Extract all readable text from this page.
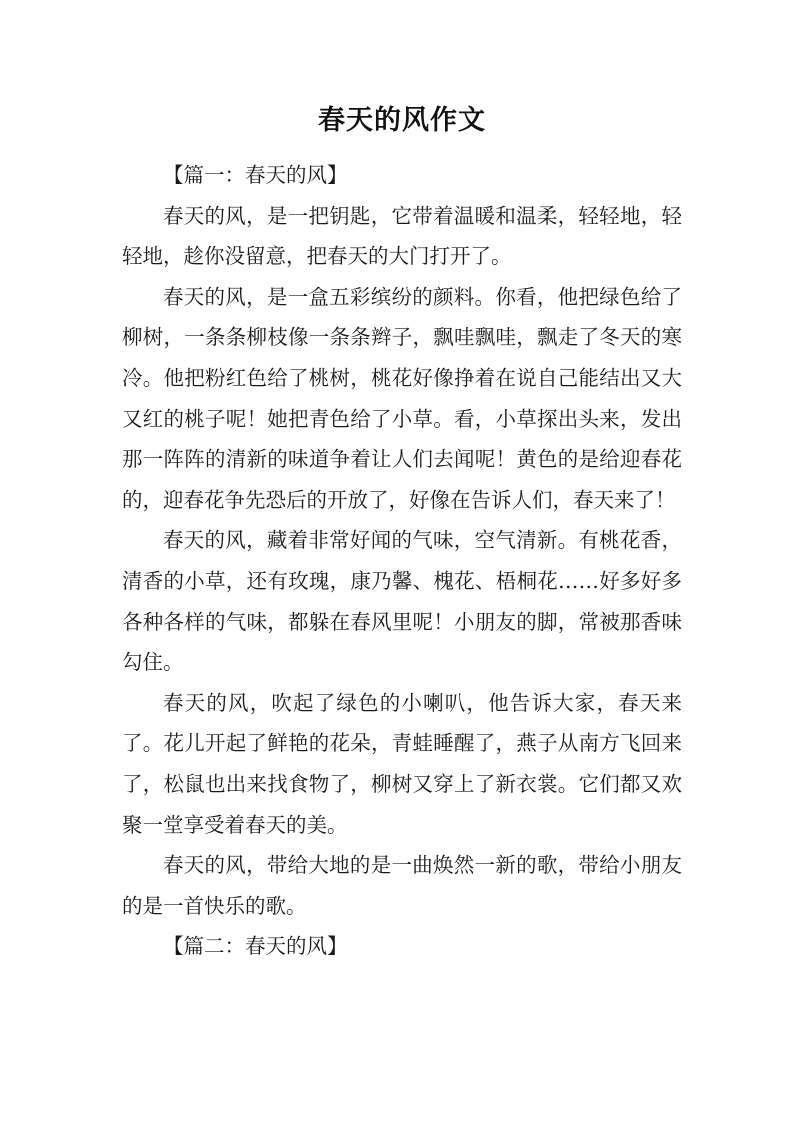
春天的风作文

【篇一：春天的风】

春天的风，是一把钥匙，它带着温暖和温柔，轻轻地，轻轻地，趁你没留意，把春天的大门打开了。

春天的风，是一盒五彩缤纷的颜料。你看，他把绿色给了柳树，一条条柳枝像一条条辫子，飘哇飘哇，飘走了冬天的寒冷。他把粉红色给了桃树，桃花好像挣着在说自己能结出又大又红的桃子呢！她把青色给了小草。看，小草探出头来，发出那一阵阵的清新的味道争着让人们去闻呢！黄色的是给迎春花的，迎春花争先恐后的开放了，好像在告诉人们，春天来了！

春天的风，藏着非常好闻的气味，空气清新。有桃花香，清香的小草，还有玫瑰，康乃馨、槐花、梧桐花……好多好多各种各样的气味，都躲在春风里呢！小朋友的脚，常被那香味勾住。

春天的风，吹起了绿色的小喇叭，他告诉大家，春天来了。花儿开起了鲜艳的花朵，青蛙睡醒了，燕子从南方飞回来了，松鼠也出来找食物了，柳树又穿上了新衣裳。它们都又欢聚一堂享受着春天的美。

春天的风，带给大地的是一曲焕然一新的歌，带给小朋友的是一首快乐的歌。

【篇二：春天的风】
